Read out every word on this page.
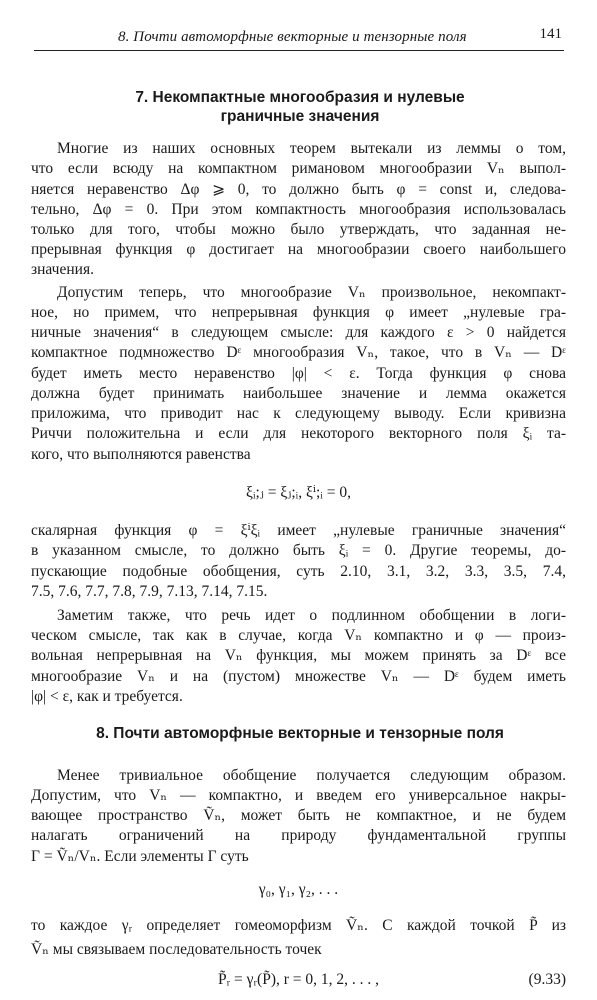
8. Почти автоморфные векторные и тензорные поля	141
7. Некомпактные многообразия и нулевые
граничные значения
Многие из наших основных теорем вытекали из леммы о том,
что если всюду на компактном римановом многообразии Vₙ выпол-
няется неравенство Δφ ⩾ 0, то должно быть φ = const и, следова-
тельно, Δφ = 0. При этом компактность многообразия использовалась
только для того, чтобы можно было утверждать, что заданная не-
прерывная функция φ достигает на многообразии своего наибольшего
значения.
Допустим теперь, что многообразие Vₙ произвольное, некомпакт-
ное, но примем, что непрерывная функция φ имеет „нулевые гра-
ничные значения“ в следующем смысле: для каждого ε > 0 найдется
компактное подмножество Dᵋ многообразия Vₙ, такое, что в Vₙ — Dᵋ
будет иметь место неравенство |φ| < ε. Тогда функция φ снова
должна будет принимать наибольшее значение и лемма окажется
приложима, что приводит нас к следующему выводу. Если кривизна
Риччи положительна и если для некоторого векторного поля ξᵢ та-
кого, что выполняются равенства
ξᵢ;ⱼ = ξⱼ;ᵢ, ξⁱ;ᵢ = 0,
скалярная функция φ = ξⁱξᵢ имеет „нулевые граничные значения“
в указанном смысле, то должно быть ξᵢ = 0. Другие теоремы, до-
пускающие подобные обобщения, суть 2.10, 3.1, 3.2, 3.3, 3.5, 7.4,
7.5, 7.6, 7.7, 7.8, 7.9, 7.13, 7.14, 7.15.
Заметим также, что речь идет о подлинном обобщении в логи-
ческом смысле, так как в случае, когда Vₙ компактно и φ — произ-
вольная непрерывная на Vₙ функция, мы можем принять за Dᵋ все
многообразие Vₙ и на (пустом) множестве Vₙ — Dᵋ будем иметь
|φ| < ε, как и требуется.
8. Почти автоморфные векторные и тензорные поля
Менее тривиальное обобщение получается следующим образом.
Допустим, что Vₙ — компактно, и введем его универсальное накры-
вающее пространство Ṽₙ, может быть не компактное, и не будем
налагать ограничений на природу фундаментальной группы
Γ = Ṽₙ/Vₙ. Если элементы Γ суть
γ₀, γ₁, γ₂, . . .
то каждое γᵣ определяет гомеоморфизм Ṽₙ. С каждой точкой P̃ из
Ṽₙ мы связываем последовательность точек
P̃ᵣ = γᵣ(P̃), r = 0, 1, 2, . . . ,	(9.33)
